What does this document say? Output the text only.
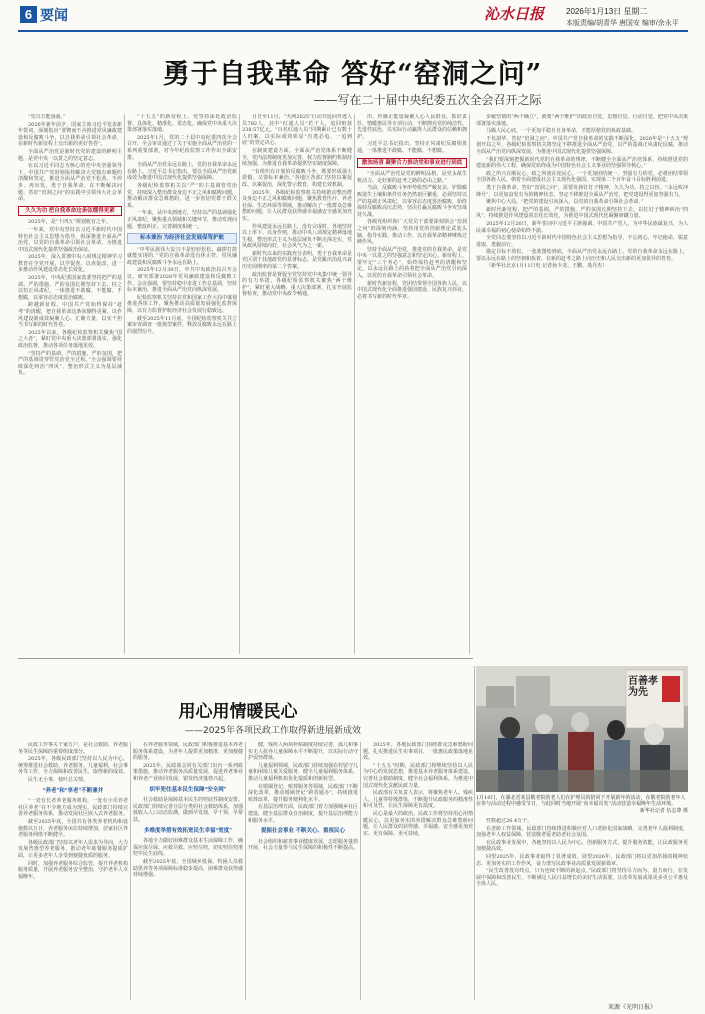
6 要闻	沁水日报	2026年1月13日 星期二
本版责编/胡青华 唐国安 编审/余永平
勇于自我革命 答好“窑洞之问”
——写在二十届中央纪委五次全会召开之际

“党兴方能国强。”

2026年新年前夕，国家主席习近平发表新年贺词，深刻指出“要锲而不舍推进党风廉政建设和反腐败斗争，以自我革命引领社会革命，在新时代新征程上交出新的更好答卷”。

全面从严治党是新时代党的建设的鲜明主题，是党中央一以贯之的坚定意志。

在以习近平同志为核心的党中央坚强领导下，中国共产党时刻保持解决大党独有难题的清醒和坚定，推进全面从严治党不松劲、不停步、再出发，勇于自我革命，在不断解决问题、答好“窑洞之问”的实践中引领伟大社会革命。

久久为功 把自我革命这条弦绷得更紧

2025年，是“十四五”规划收官之年。

一年来，党中央坚持以习近平新时代中国特色社会主义思想为指导，纵深推进全面从严治党，以党的自我革命引领社会革命，为推进中国式现代化提供坚强政治保证。

2025年，深入贯彻中央八项规定精神学习教育在全党开展，以学促查、以查促改，进一步推动作风建设常态化长效化。

2025年，中央纪委国家监委坚持把严的基调、严的措施、严的氛围长期坚持下去，持之以恒正风肃纪，一体推进不敢腐、不能腐、不想腐，以零容忍态度惩治腐败。

跨越新征程，中国共产党始终保持“赶考”的清醒，把自我革命这条弦绷得更紧，以作风建设新成效凝聚人心、汇聚力量，以实干担当书写新的时代答卷。

2025年以来，各级纪检监察机关聚焦“国之大者”，紧盯党中央重大决策部署落实，强化政治监督，推动各项任务落地见效。

“坚持严的基调、严的措施、严的氛围，把严的基调贯穿管党治党全过程。”全会强调要持续深化纠治“四风”，整治形式主义为基层减负。

“十五五”的新征程上，党坚持深化政治监督、具体化、精准化、常态化，确保党中央重大决策部署落实落地。

2025年1月，党的二十届中央纪委四次全会召开，全会审议通过了关于实施全面从严治党的一系列重要部署，对今年纪检监察工作作出全面安排。

全面从严治党永远在路上，党的自我革命永远在路上。习近平总书记指出，要以全面从严治党新成效为推进中国式现代化提供坚强保障。

各级纪检监察机关以“严”的主基调管党治党，持续深入整治群众身边不正之风和腐败问题，推动解决群众急难愁盼，进一步密切党群干群关系。

一年来，从中央到地方，坚持以严的基调强化正风肃纪，聚焦重点领域和关键环节，推动发现问题、整改纠正、完善制度相统一。

标本兼治 为经济社会发展保驾护航

“中华民族伟大复兴不是轻轻松松、敲锣打鼓就能实现的。”党的自我革命没有休止符，党风廉政建设和反腐败斗争永远在路上。

2025年12月30日，中共中央政治局召开会议，研究部署2026年党风廉政建设和反腐败工作。会议强调，要坚持稳中求进工作总基调，坚持标本兼治，推进全面从严治党向纵深发展。

纪检监察机关坚持在党和国家工作大局中谋划推进各项工作，聚焦推动高质量发展强化监督保障，以有力监督护航经济社会发展行稳致远。

截至2025年11月底，全国纪检监察机关共立案审查调查一批典型案件，释放反腐败永远在路上的强烈信号。

月日至11月，“天网2025”行动共追回外逃人员782人，其中“红通人员”若干人，追回赃款238.57亿元。“百名红通人员”同期累计已有数十人归案，以实际成效彰显“有逃必追、一追到底”的坚定决心。

在制度建设方面，全面从严治党体系不断健全，党内法规制度更加完善，权力监督制约机制持续加强，为推进自我革命提供坚实制度保障。

“有组织有计划的反腐败斗争，既要形成强大震慑，又要标本兼治。”各地区各部门坚持以案促改、以案促治，深化警示教育，构建长效机制。

2025年，各级纪检监察机关持续推动整治群众身边不正之风和腐败问题，聚焦教育医疗、养老社保、生态环保等领域，推动解决了一批群众急难愁盼问题，让人民群众获得感幸福感安全感更加充实。

作风建设永远在路上，没有完成时。各地坚持以上率下、以身作则，推动中央八项规定精神落地生根，整治形式主义为基层减负不断走深走实，党风政风持续向好，社会风气为之一新。

新时代以来的实践充分表明，勇于自我革命是党区别于其他政党的显著标志，是党跳出治乱兴衰历史周期率的第二个答案。

政治监督是督促全党坚持党中央集中统一领导的有力举措。各级纪检监察机关聚焦“两个维护”，紧盯重大战略、重大决策部署，扎实开展监督检查，推动党中央政令畅通。

出，传播正能量凝聚人心人民群众，抓好责任、情暖惠民等专项行动，不断擦亮党的纯洁性、先进性底色，以实际行动赢得人民群众的信赖和拥护。

习近平总书记指出，坚持正风肃纪反腐相贯通，一体推进不敢腐、不能腐、不想腐。

激浊扬清 凝聚合力推动党和事业进行到底

“全面从严治党是党的鲜明品格，是党永葆生机活力、走好新的赶考之路的必由之路。”

当前，反腐败斗争形势依然严峻复杂，铲除腐败滋生土壤和条件任务仍然艰巨繁重，必须坚持以严的基调正风肃纪，以零容忍态度惩治腐败，始终保持反腐败高压态势，坚决打赢反腐败斗争攻坚战持久战。

各级党组织和广大党员干部要深刻领会“窑洞之问”的深刻内涵，坚持用党的创新理论武装头脑、指导实践、推动工作，以自我革命精神锤炼过硬作风。

坚持全面从严治党，推进党的自我革命，是党中央一以贯之的坚强意志和坚定决心。新征程上，要牢记“三个务必”，始终保持赶考的清醒和坚定，以永远在路上的执着把全面从严治党引向深入，以党的自我革命引领社会革命。

新时代新征程，党团结带领全国各族人民，以中国式现代化全面推进强国建设、民族复兴伟业，必将书写新的时代华章。

步履坚韧的“两个确立”，就要“两个维护”的政治自觉，思想自觉、行动自觉，把党中央决策部署落实落地。

马腾人民心底，一个更加平稳且自身革命，才能厚植党的执政基础。

不负韶华、答好“窑洞之问”、中国共产党自我革命的实践不断深化。2026年是“十五五”规划开局之年，各级纪检监察机关将坚定不移推进全面从严治党，以严的基调正风肃纪反腐，推动全面从严治党向纵深发展，为推进中国式现代化提供坚强保障。

“我们要深刻把握新时代党的自我革命的规律，不断健全全面从严治党体系，持续推进党的建设新的伟大工程，确保党始终成为中国特色社会主义事业的坚强领导核心。”

政之所兴在顺民心，政之所废在逆民心。一个更加团结统一、坚强有力的党，必将团结带领全国各族人民，朝着全面建成社会主义现代化强国、实现第二个百年奋斗目标胜利前进。

勇于自我革命，答好“窑洞之问”，需要发扬钉钉子精神，久久为功、持之以恒。“永远吹冲锋号”，以更加奋发有为的精神状态，坚定不移推进全面从严治党，把党建设得更加坚强有力。

聚焦中心大局，“把党的建设引向深入，以党的自我革命引领社会革命。”

新时代新征程，把严的基调、严的措施、严的氛围长期坚持下去，以钉钉子精神纠治“四风”，持续推进作风建设常态化长效化，为推进中国式现代化凝聚磅礴力量。

2025年12月26日，新年贺词中习近平主席强调，中国共产党人，为中华民族谋复兴、为人民谋幸福的初心使命始终不渝。

全党同志要坚持以习近平新时代中国特色社会主义思想为指导，不忘初心、牢记使命，锐意进取、勇毅前行。

锚定目标不放松，一张蓝图绘到底。全面从严治党永远在路上，党的自我革命永远在路上，要以永远在路上的坚韧和执着，在新的赶考之路上向历史和人民交出新的更加优异的答卷。

（新华社北京1月11日电 记者孙少龙、王鹏、曼丹杰）

用心用情暖民心
——2025年各项民政工作取得新进展新成效

民政工作事关千家万户，是社会救助、养老服务等民生保障的重要组成部分。

2025年，各级民政部门坚持以人民为中心，统筹推进社会救助、养老服务、儿童福利、社会事务等工作，全力保障和改善民生，取得新的成效。

民生无小事，枝叶总关情。

“养老”和“享老”不断兼并

“一处有长者养老服务机构，一处有小乐养老社区养老”在不少地方成为现实。民政部门持续完善养老服务体系，推动发展社区嵌入式养老服务。

截至2025年底，全国共有各类养老机构和设施数以万计，养老服务床位持续增加，居家社区养老服务网络不断健全。

各级民政部门坚持以老年人需求为导向，大力发展普惠型养老服务，推动老年助餐服务提质扩面，让更多老年人享受到便捷优质的服务。

同时，加强养老服务综合监管，提升养老机构服务质量，开展养老服务安全整治，守护老年人幸福晚年。

在养老服务领域，民政部门积极推进基本养老服务体系建设，为老年人提供更加精准、更加便捷的服务。

2025年，民政部会同有关部门出台一系列政策措施，推动养老服务高质量发展，促进养老事业和养老产业协同发展，银发经济蓬勃兴起。

织牢兜住基本民生保障“安全网”

社会救助是保障基本民生的兜底性制度安排。民政部门持续完善分层分类的社会救助体系，加强低收入人口动态监测，做到早发现、早干预、早帮扶。

多维度举措有效拓宽民生幸福“宽度”

各地全力做好困难群众基本生活保障工作，确保应保尽保、应救尽救、应兜尽兜，切实兜住兜准兜牢民生底线。

截至2025年底，全国城乡低保、特困人员救助供养等各项保障标准稳步提高，困难群众获得感持续增强。

健，残疾人两项补贴制度持续完善，孤儿和事实无人抚养儿童保障水平不断提升，以实际行动守护弱势群体。

儿童福利领域，民政部门持续加强农村留守儿童和困境儿童关爱服务，健全儿童福利服务体系，推动儿童福利机构优化提质和创新转型。

在婚姻登记、殡葬服务等领域，民政部门不断深化改革，推动婚姻登记“跨省通办”，持续推进殡葬改革，提升服务便利化水平。

在基层治理方面，民政部门着力加强城乡社区建设，健全基层群众自治制度，提升基层治理能力和服务水平。

提振社会事业 不断关心、重视民心

社会组织和慈善事业健康发展，志愿服务蓬勃开展，社会力量参与民生保障的积极性不断提高。

2025年，各地民政部门围绕群众急难愁盼问题，扎实推进民生实事项目，一批惠民政策落地见效。

“十五五”时期，民政部门将继续坚持以人民为中心的发展思想，推进基本养老服务体系建设，完善社会救助制度，健全社会福利体系，为推进中国式现代化贡献民政力量。

民政部有关负责人表示，将聚焦老年人、残疾人、儿童等特殊群体，不断提升民政服务的精准性和可及性，让民生保障更有温度。

民心是最大的政治。民政工作将坚持用心用情暖民心，以更加务实的举措解决群众急难愁盼问题，让人民群众的获得感、幸福感、安全感更加充实、更有保障、更可持续。

百善孝为先
1月10日，在湖北省某县敬老院的老人们在护理员的陪同下开展新年的活动，在敬老院的老年人在参与活动过程中感受节日，与此同时当地开展“向幸福出发”活动营造幸福晚年生活环境。
新华社记者 伍志尊 摄

性数超过26.4万个。

在老龄工作领域，民政部门持续推进积极应对人口老龄化国家战略，完善老年人福利制度，加强老年人权益保障，营造敬老爱老助老社会氛围。

在民政事业发展中，各地坚持以人民为中心，创新服务方式，提升服务效能，让民政服务更加便捷高效。

回望2025年，民政事业取得了显著成效。展望2026年，民政部门将以更加昂扬的精神状态、更加务实的工作作风，奋力谱写民政事业高质量发展新篇章。

“民生改善没有终点，只有连续不断的新起点。”民政部门将坚持尽力而为、量力而行，在发展中保障和改善民生，不断满足人民日益增长的美好生活需要，让改革发展成果更多更公平惠及全体人民。

来源《光明日报》
